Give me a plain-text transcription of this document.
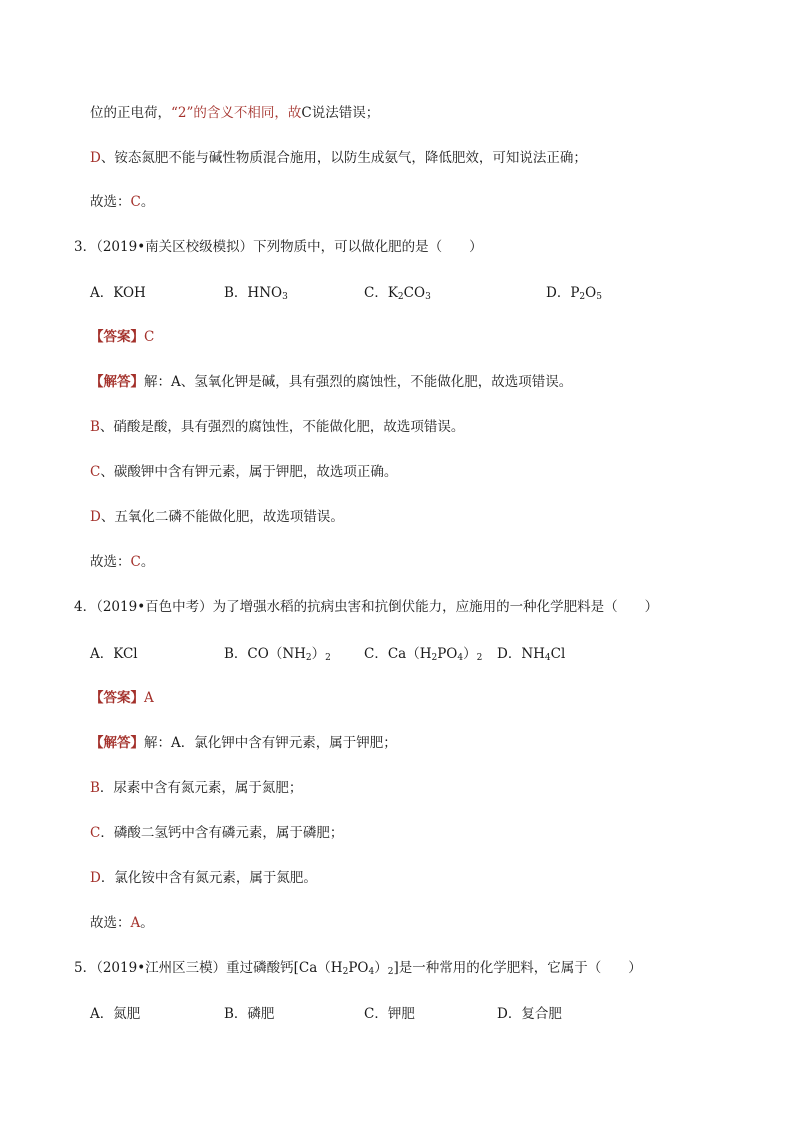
位的正电荷，“2”的含义不相同，故C说法错误；
D、铵态氮肥不能与碱性物质混合施用，以防生成氨气，降低肥效，可知说法正确；
故选：C。
3．（2019•南关区校级模拟）下列物质中，可以做化肥的是（　　）
A．KOH	B．$HNO_3$	C．$K_2CO_3$	D．$P_2O_5$
【答案】C
【解答】解：A、氢氧化钾是碱，具有强烈的腐蚀性，不能做化肥，故选项错误。
B、硝酸是酸，具有强烈的腐蚀性，不能做化肥，故选项错误。
C、碳酸钾中含有钾元素，属于钾肥，故选项正确。
D、五氧化二磷不能做化肥，故选项错误。
故选：C。
4．（2019•百色中考）为了增强水稻的抗病虫害和抗倒伏能力，应施用的一种化学肥料是（　　）
A．KCl	B．$CO(NH_2)_2$ C．$Ca(H_2PO_4)_2$ D．$NH_4Cl$
【答案】A
【解答】解：A．氯化钾中含有钾元素，属于钾肥；
B．尿素中含有氮元素，属于氮肥；
C．磷酸二氢钙中含有磷元素，属于磷肥；
D．氯化铵中含有氮元素，属于氮肥。
故选：A。
5．（2019•江州区三模）重过磷酸钙$[Ca(H_2PO_4)_2]$是一种常用的化学肥料，它属于（　　）
A．氮肥	B．磷肥	C．钾肥	D．复合肥
